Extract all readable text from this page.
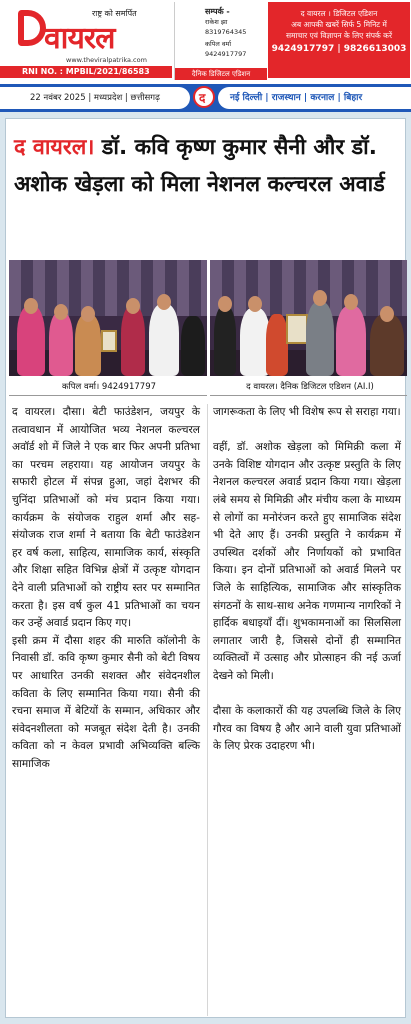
राष्ट्र को समर्पित
वायरल
www.theviralpatrika.com
RNI NO. : MPBIL/2021/86583
सम्पर्क -
राकेश झा
8319764345
कपिल वर्मा
9424917797
दैनिक डिजिटल एडिशन
द वायरल । डिजिटल एडिशन
अब आपकी खबरें सिर्फ 5 मिनिट में
समाचार एवं विज्ञापन के लिए संपर्क करें
9424917797 | 9826613003
22 नवंबर 2025 | मध्यप्रदेश | छत्तीसगढ़	द	नई दिल्ली | राजस्थान | करनाल | बिहार
द वायरल। डॉ. कवि कृष्ण कुमार सैनी और डॉ. अशोक खेड़ला को मिला नेशनल कल्चरल अवार्ड
कपिल वर्मा। 9424917797	द वायरल। दैनिक डिजिटल एडिशन (AI.I)

द वायरल। दौसा। बेटी फाउंडेशन, जयपुर के तत्वावधान में आयोजित भव्य नेशनल कल्चरल अवॉर्ड शो में जिले ने एक बार फिर अपनी प्रतिभा का परचम लहराया। यह आयोजन जयपुर के सफारी होटल में संपन्न हुआ, जहां देशभर की चुनिंदा प्रतिभाओं को मंच प्रदान किया गया। कार्यक्रम के संयोजक राहुल शर्मा और सह-संयोजक राज शर्मा ने बताया कि बेटी फाउंडेशन हर वर्ष कला, साहित्य, सामाजिक कार्य, संस्कृति और शिक्षा सहित विभिन्न क्षेत्रों में उत्कृष्ट योगदान देने वाली प्रतिभाओं को राष्ट्रीय स्तर पर सम्मानित करता है। इस वर्ष कुल 41 प्रतिभाओं का चयन कर उन्हें अवार्ड प्रदान किए गए।

इसी क्रम में दौसा शहर की मारुति कॉलोनी के निवासी डॉ. कवि कृष्ण कुमार सैनी को बेटी विषय पर आधारित उनकी सशक्त और संवेदनशील कविता के लिए सम्मानित किया गया। सैनी की रचना समाज में बेटियों के सम्मान, अधिकार और संवेदनशीलता को मजबूत संदेश देती है। उनकी कविता को न केवल प्रभावी अभिव्यक्ति बल्कि सामाजिक

जागरूकता के लिए भी विशेष रूप से सराहा गया।

वहीं, डॉ. अशोक खेड़ला को मिमिक्री कला में उनके विशिष्ट योगदान और उत्कृष्ट प्रस्तुति के लिए नेशनल कल्चरल अवार्ड प्रदान किया गया। खेड़ला लंबे समय से मिमिक्री और मंचीय कला के माध्यम से लोगों का मनोरंजन करते हुए सामाजिक संदेश भी देते आए हैं। उनकी प्रस्तुति ने कार्यक्रम में उपस्थित दर्शकों और निर्णायकों को प्रभावित किया। इन दोनों प्रतिभाओं को अवार्ड मिलने पर जिले के साहित्यिक, सामाजिक और सांस्कृतिक संगठनों के साथ-साथ अनेक गणमान्य नागरिकों ने हार्दिक बधाइयाँ दीं। शुभकामनाओं का सिलसिला लगातार जारी है, जिससे दोनों ही सम्मानित व्यक्तित्वों में उत्साह और प्रोत्साहन की नई ऊर्जा देखने को मिली।

दौसा के कलाकारों की यह उपलब्धि जिले के लिए गौरव का विषय है और आने वाली युवा प्रतिभाओं के लिए प्रेरक उदाहरण भी।
